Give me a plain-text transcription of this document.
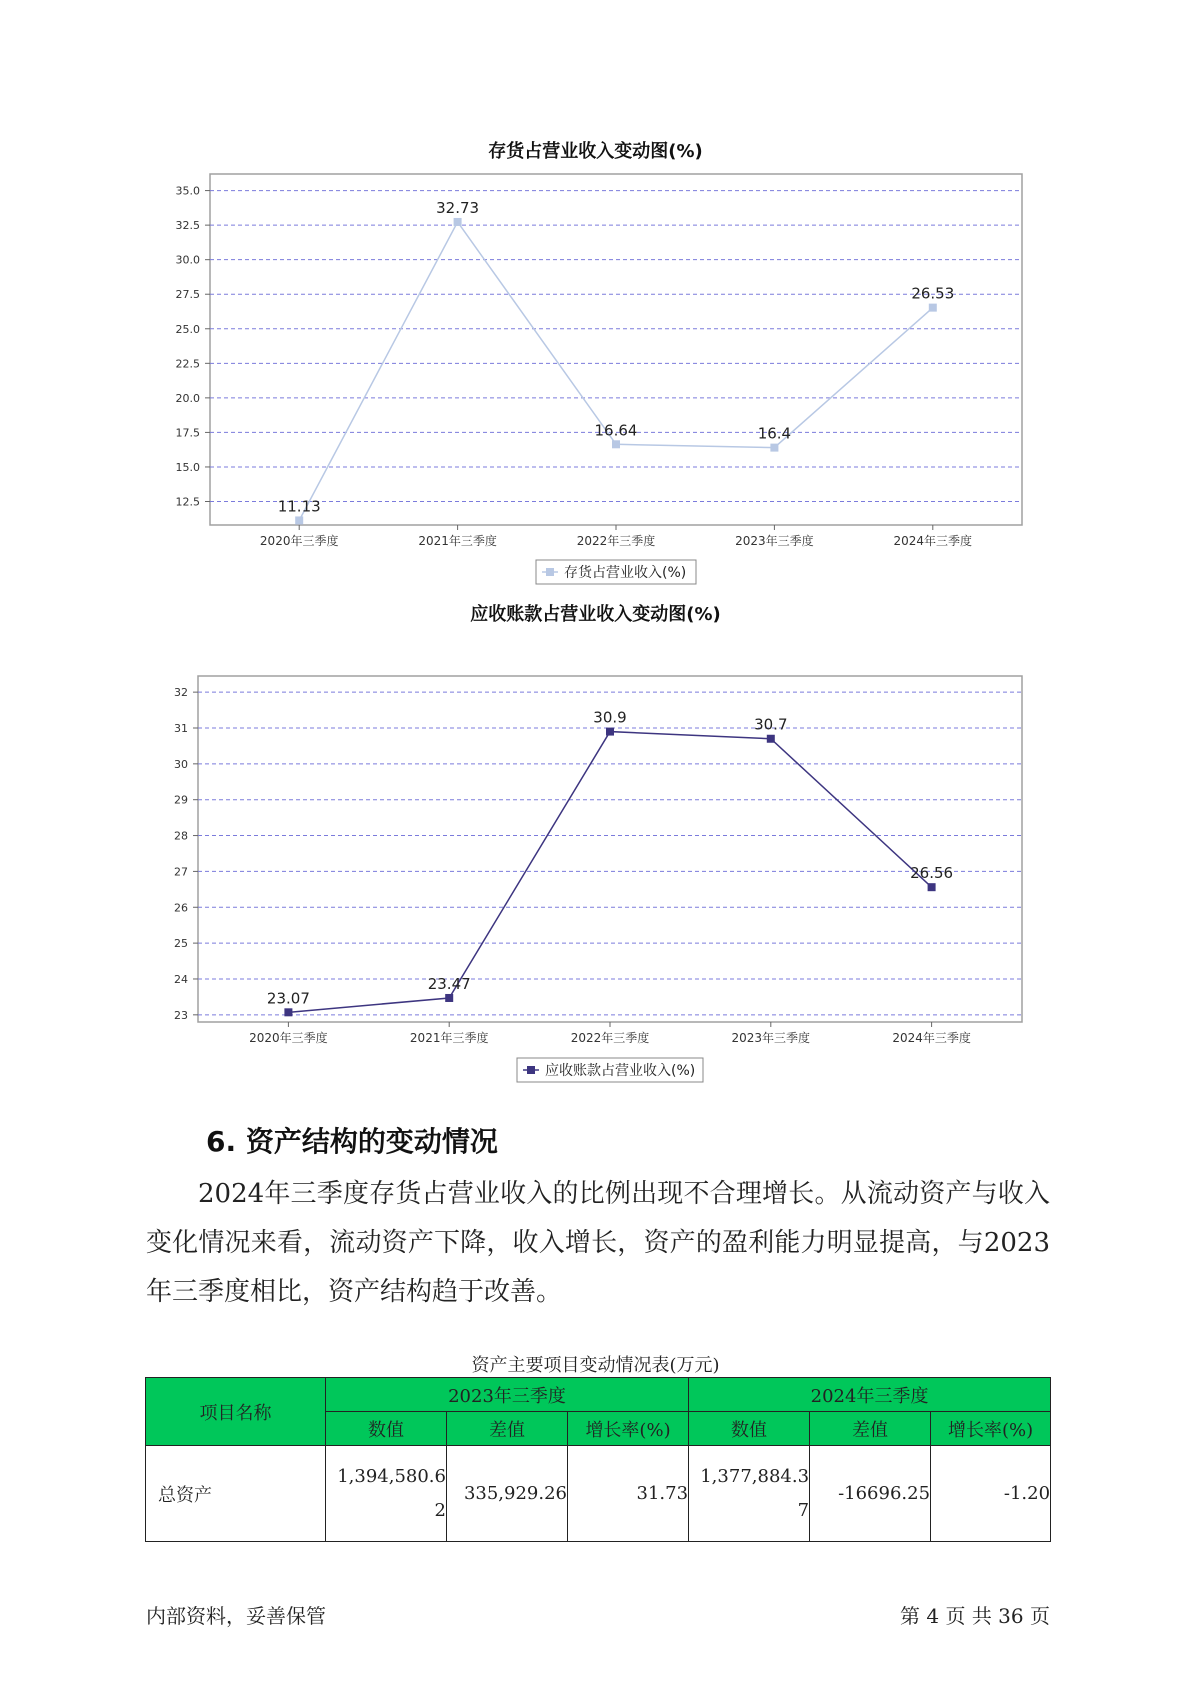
存货占营业收入变动图(%)
12.5
15.0
17.5
20.0
22.5
25.0
27.5
30.0
32.5
35.0
2020年三季度	2021年三季度	2022年三季度	2023年三季度	2024年三季度
11.13
32.73
16.64	16.4
26.53
存货占营业收入(%)
应收账款占营业收入变动图(%)
23
24
25
26
27
28
29
30
31
32
2020年三季度	2021年三季度	2022年三季度	2023年三季度	2024年三季度
23.07
23.47
30.9	30.7
26.56
应收账款占营业收入(%)
6. 资产结构的变动情况
2024年三季度存货占营业收入的比例出现不合理增长。从流动资产与收入变化情况来看，流动资产下降，收入增长，资产的盈利能力明显提高，与2023年三季度相比，资产结构趋于改善。
资产主要项目变动情况表(万元)
项目名称	2023年三季度			2024年三季度		
	数值	差值	增长率(%)	数值	差值	增长率(%)
总资产	1,394,580.62	335,929.26	31.73	1,377,884.37	-16696.25	-1.20
内部资料，妥善保管	第 4 页 共 36 页
